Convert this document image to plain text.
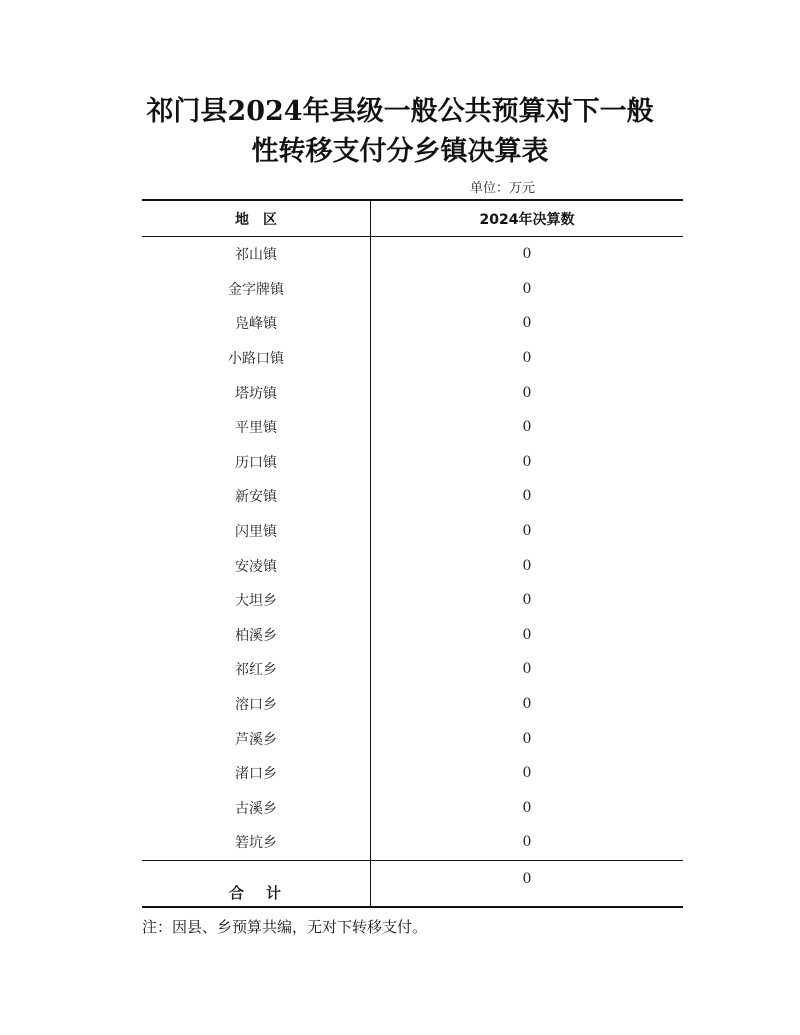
祁门县2024年县级一般公共预算对下一般
性转移支付分乡镇决算表
单位：万元
地　区	2024年决算数
祁山镇	0
金字牌镇	0
凫峰镇	0
小路口镇	0
塔坊镇	0
平里镇	0
历口镇	0
新安镇	0
闪里镇	0
安凌镇	0
大坦乡	0
柏溪乡	0
祁红乡	0
溶口乡	0
芦溪乡	0
渚口乡	0
古溪乡	0
箬坑乡	0
合计	0
注：因县、乡预算共编，无对下转移支付。
